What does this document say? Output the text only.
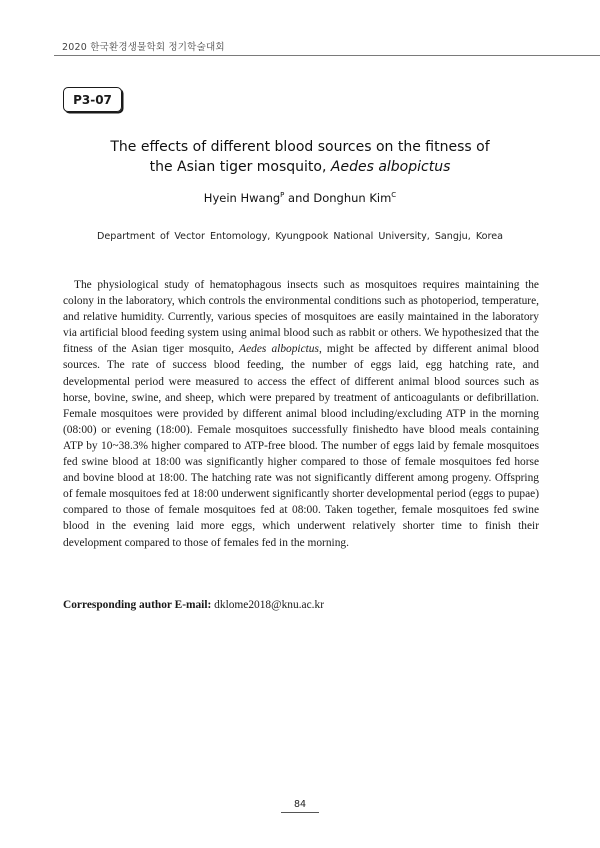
2020 한국환경생물학회 정기학술대회
P3-07
The effects of different blood sources on the fitness of
the Asian tiger mosquito, Aedes albopictus
Hyein Hwang$^P$ and Donghun Kim$^C$
Department of Vector Entomology, Kyungpook National University, Sangju, Korea

The physiological study of hematophagous insects such as mosquitoes requires maintaining the colony in the laboratory, which controls the environmental conditions such as photoperiod, temperature, and relative humidity. Currently, various species of mosquitoes are easily maintained in the laboratory via artificial blood feeding system using animal blood such as rabbit or others. We hypothesized that the fitness of the Asian tiger mosquito, Aedes albopictus, might be affected by different animal blood sources. The rate of success blood feeding, the number of eggs laid, egg hatching rate, and developmental period were measured to access the effect of different animal blood sources such as horse, bovine, swine, and sheep, which were prepared by treatment of anticoagulants or defibrillation. Female mosquitoes were provided by different animal blood including/excluding ATP in the morning (08:00) or evening (18:00). Female mosquitoes successfully finishedto have blood meals containing ATP by 10~38.3% higher compared to ATP-free blood. The number of eggs laid by female mosquitoes fed swine blood at 18:00 was significantly higher compared to those of female mosquitoes fed horse and bovine blood at 18:00. The hatching rate was not significantly different among progeny. Offspring of female mosquitoes fed at 18:00 underwent significantly shorter developmental period (eggs to pupae) compared to those of female mosquitoes fed at 08:00. Taken together, female mosquitoes fed swine blood in the evening laid more eggs, which underwent relatively shorter time to finish their development compared to those of females fed in the morning.

Corresponding author E-mail: dklome2018@knu.ac.kr
84
